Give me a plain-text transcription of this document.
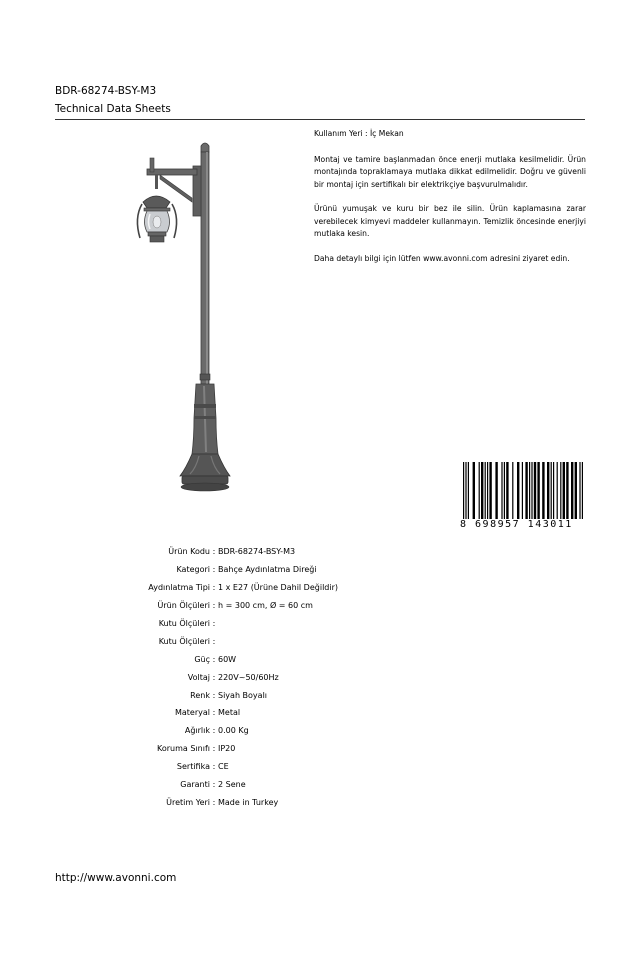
BDR-68274-BSY-M3
Technical Data Sheets

Kullanım Yeri : İç Mekan

Montaj ve tamire başlanmadan önce enerji mutlaka kesilmelidir. Ürün montajında topraklamaya mutlaka dikkat edilmelidir. Doğru ve güvenli bir montaj için sertifikalı bir elektrikçiye başvurulmalıdır.

Ürünü yumuşak ve kuru bir bez ile silin. Ürün kaplamasına zarar verebilecek kimyevi maddeler kullanmayın. Temizlik öncesinde enerjiyi mutlaka kesin.

Daha detaylı bilgi için lütfen www.avonni.com adresini ziyaret edin.

8 698957 143011
Ürün Kodu : BDR-68274-BSY-M3
Kategori : Bahçe Aydınlatma Direği
Aydınlatma Tipi : 1 x E27 (Ürüne Dahil Değildir)
Ürün Ölçüleri : h = 300 cm, Ø = 60 cm
Kutu Ölçüleri :
Kutu Ölçüleri :
Güç : 60W
Voltaj : 220V~50/60Hz
Renk : Siyah Boyalı
Materyal : Metal
Ağırlık : 0.00 Kg
Koruma Sınıfı : IP20
Sertifika : CE
Garanti : 2 Sene
Üretim Yeri : Made in Turkey
http://www.avonni.com
